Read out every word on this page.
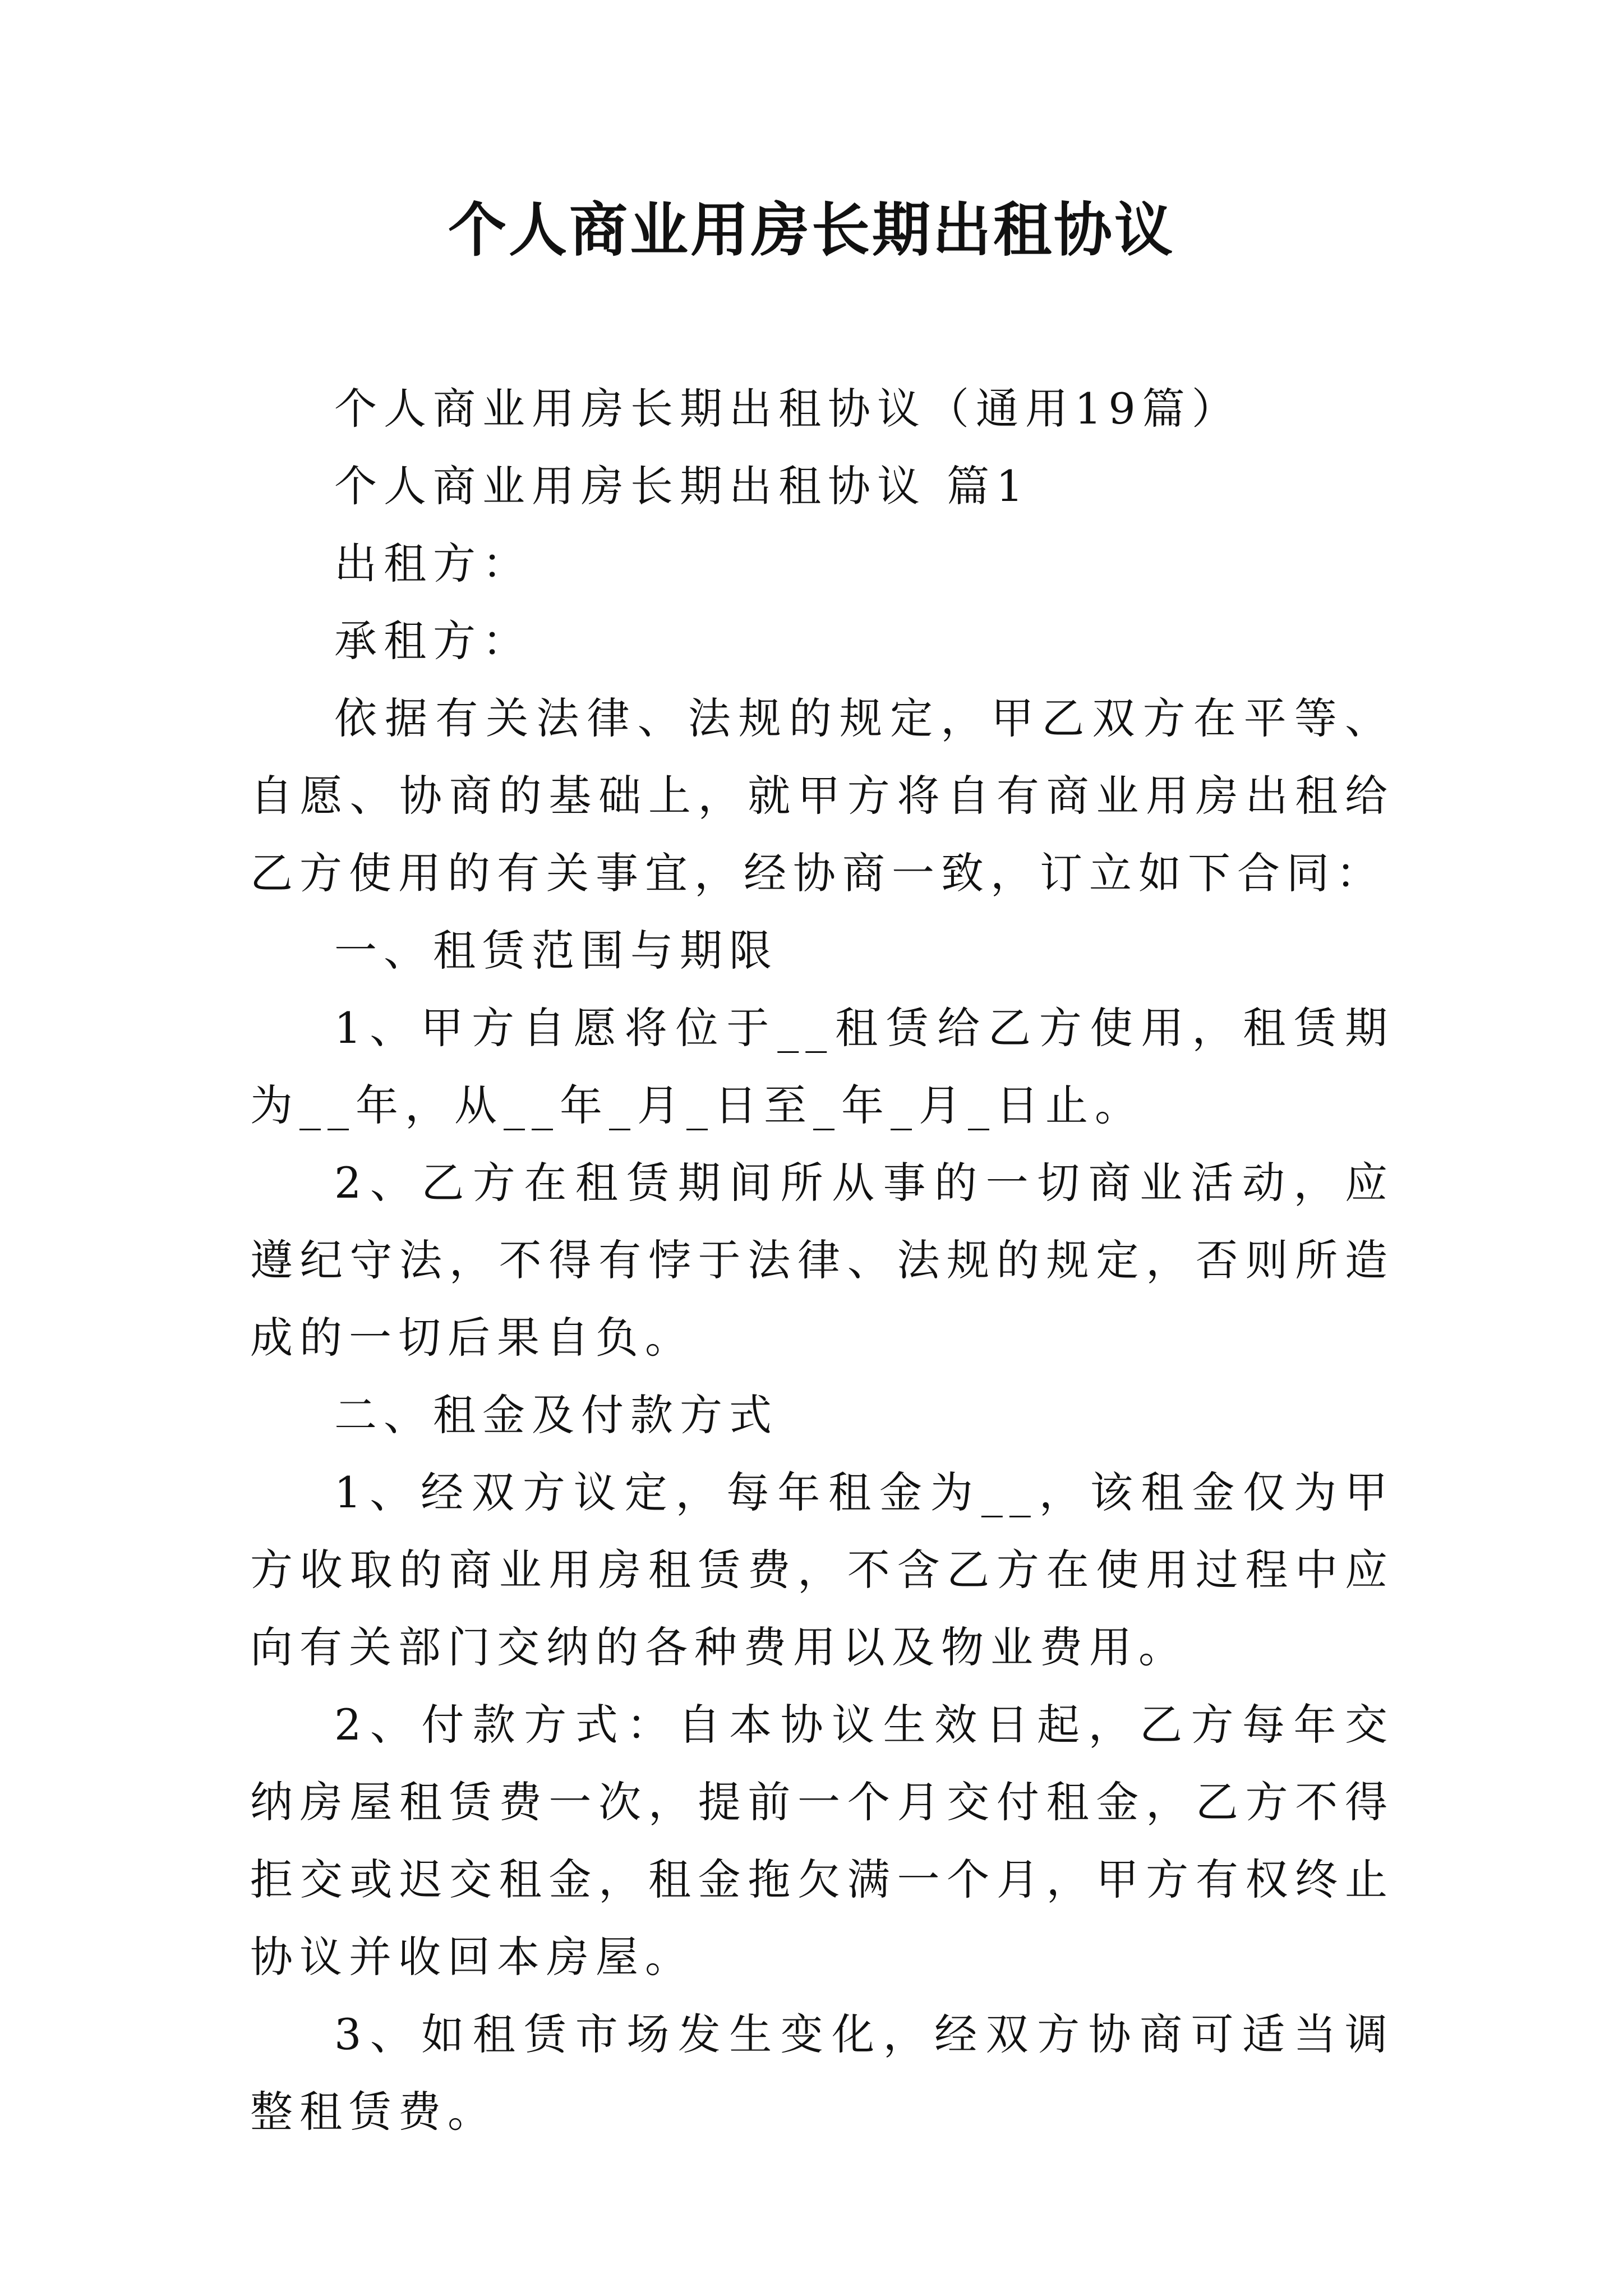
个人商业用房长期出租协议

个人商业用房长期出租协议（通用19篇）

个人商业用房长期出租协议 篇1

出租方：

承租方：

依据有关法律、法规的规定，甲乙双方在平等、自愿、协商的基础上，就甲方将自有商业用房出租给乙方使用的有关事宜，经协商一致，订立如下合同：

一、租赁范围与期限

1、甲方自愿将位于__租赁给乙方使用，租赁期为__年，从__年_月_日至_年_月_日止。

2、乙方在租赁期间所从事的一切商业活动，应遵纪守法，不得有悖于法律、法规的规定，否则所造成的一切后果自负。

二、租金及付款方式

1、经双方议定，每年租金为__，该租金仅为甲方收取的商业用房租赁费，不含乙方在使用过程中应向有关部门交纳的各种费用以及物业费用。

2、付款方式：自本协议生效日起，乙方每年交纳房屋租赁费一次，提前一个月交付租金，乙方不得拒交或迟交租金，租金拖欠满一个月，甲方有权终止协议并收回本房屋。

3、如租赁市场发生变化，经双方协商可适当调整租赁费。
